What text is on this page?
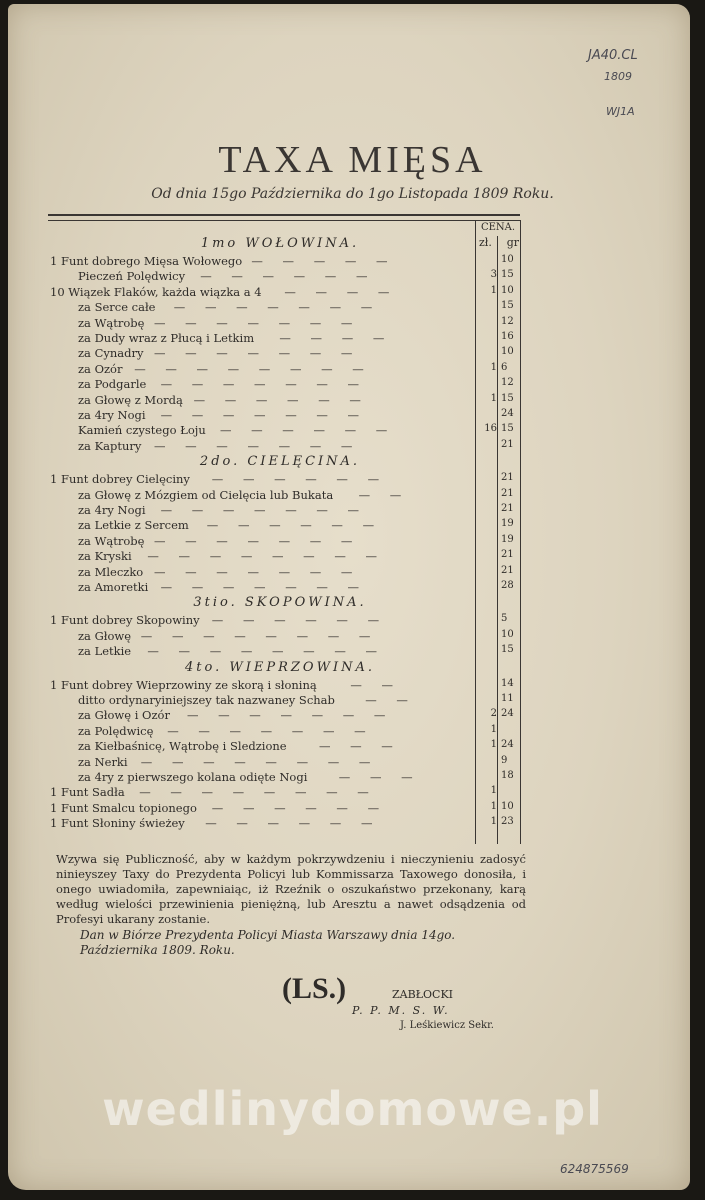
JA40.CL
1809
WJ1A
TAXA MIĘSA
Od dnia 15go Października do 1go Listopada 1809 Roku.
CENA.
zł. gr
1mo WOŁOWINA.
1 Funt dobrego Mięsa Wołowego — — — — —	10
Pieczeń Polędwicy — — — — — —	3 15
10 Wiązek Flaków, każda wiązka a 4 — — — —	1 10
za Serce całe — — — — — — —	15
za Wątrobę — — — — — — —	12
za Dudy wraz z Płucą i Letkim — — — —	16
za Cynadry — — — — — — —	10
za Ozór — — — — — — — —	1 6
za Podgarle — — — — — — —	12
za Głowę z Mordą — — — — — —	1 15
za 4ry Nogi — — — — — — —	24
Kamień czystego Łoju — — — — — —	16 15
za Kaptury — — — — — — —	21
2do. CIELĘCINA.
1 Funt dobrey Cielęciny — — — — — —	21
za Głowę z Mózgiem od Cielęcia lub Bukata — —	21
za 4ry Nogi — — — — — — —	21
za Letkie z Sercem — — — — — —	19
za Wątrobę — — — — — — —	19
za Kryski — — — — — — — —	21
za Mleczko — — — — — — —	21
za Amoretki — — — — — — —	28
3tio. SKOPOWINA.
1 Funt dobrey Skopowiny — — — — — —	5
za Głowę — — — — — — — —	10
za Letkie — — — — — — — —	15
4to. WIEPRZOWINA.
1 Funt dobrey Wieprzowiny ze skorą i słoniną	— —	14
ditto ordynaryiniejszey tak nazwaney Schab	— —	11
za Głowę i Ozór — — — — — — —	2 24
za Polędwicę — — — — — — —	1
za Kiełbaśnicę, Wątrobę i Sledzione	— — —	1 24
za Nerki — — — — — — — —	9
za 4ry z pierwszego kolana odięte Nogi	— — —	18
1 Funt Sadła — — — — — — — —	1
1 Funt Smalcu topionego — — — — — —	1 10
1 Funt Słoniny świeżey — — — — — —	1 23
Wzywa się Publiczność, aby w każdym pokrzywdzeniu i nieczynieniu zadosyć ninieyszey Taxy do Prezydenta Policyi lub Kommissarza Taxowego donosiła, i onego uwiadomiła, zapewniaiąc, iż Rzeźnik o oszukaństwo przekonany, karą według wielości przewinienia pieniężną, lub Aresztu a nawet odsądzenia od Profesyi ukarany zostanie.
Dan w Biórze Prezydenta Policyi Miasta Warszawy dnia 14go. Października 1809. Roku.
(LS.)	ZABŁOCKI
P. P. M. S. W.
J. Leśkiewicz Sekr.
wedlinydomowe.pl
624875569
